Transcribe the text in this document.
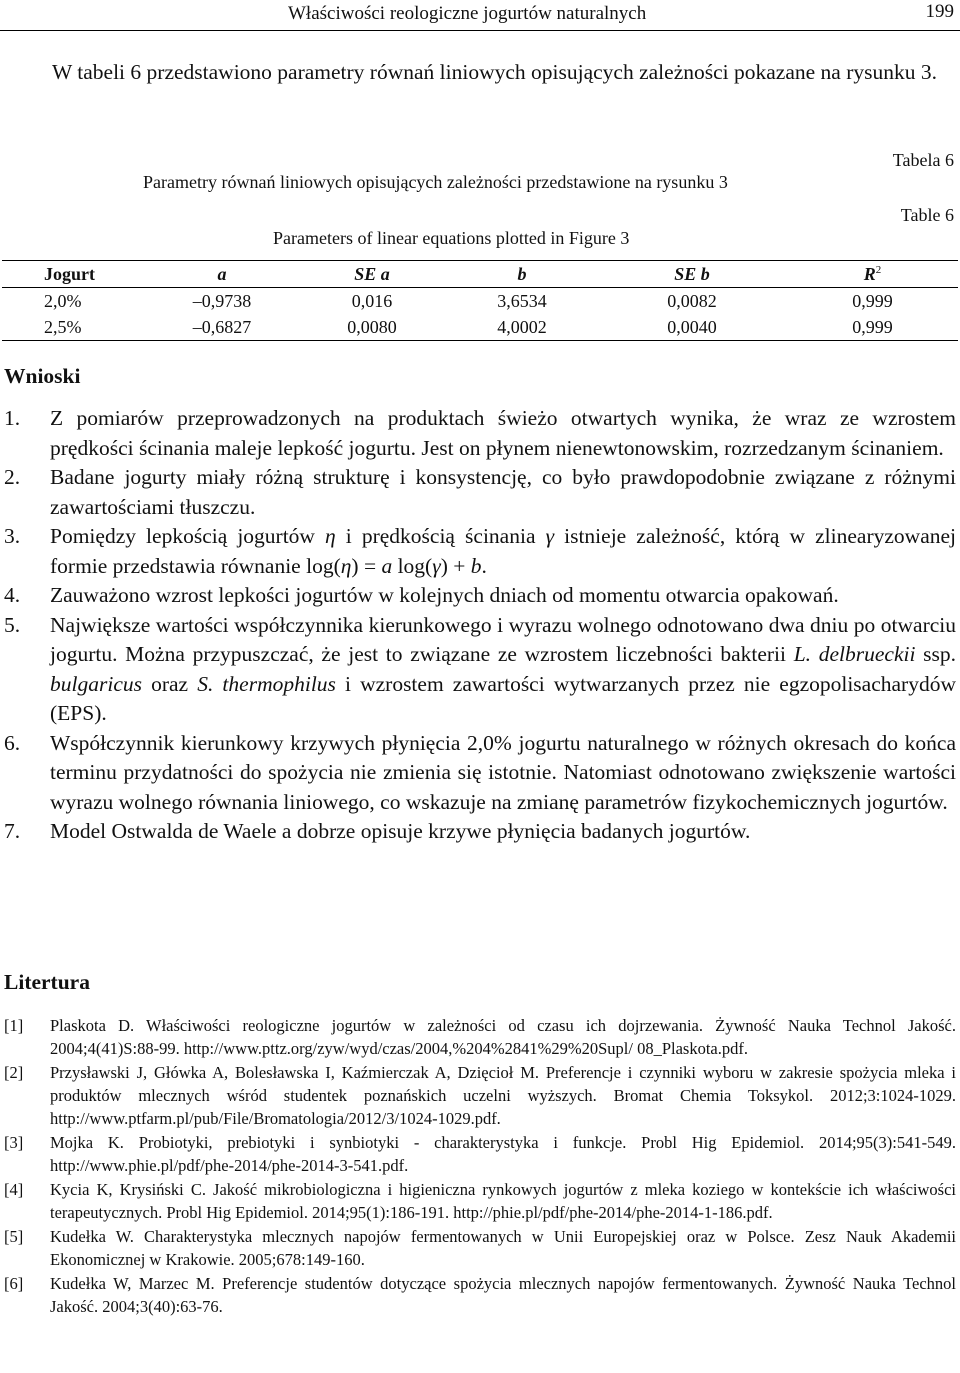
Właściwości reologiczne jogurtów naturalnych	199

W tabeli 6 przedstawiono parametry równań liniowych opisujących zależności pokazane na rysunku 3.

Tabela 6
Parametry równań liniowych opisujących zależności przedstawione na rysunku 3
Table 6
Parameters of linear equations plotted in Figure 3
Jogurt	a	SE a	b	SE b	$R^2$
2,0%	–0,9738	0,016	3,6534	0,0082	0,999
2,5%	–0,6827	0,0080	4,0002	0,0040	0,999
Wnioski
1. Z pomiarów przeprowadzonych na produktach świeżo otwartych wynika, że wraz ze wzrostem prędkości ścinania maleje lepkość jogurtu. Jest on płynem nienewtonowskim, rozrzedzanym ścinaniem.
2. Badane jogurty miały różną strukturę i konsystencję, co było prawdopodobnie związane z różnymi zawartościami tłuszczu.
3. Pomiędzy lepkością jogurtów η i prędkością ścinania γ istnieje zależność, którą w zlinearyzowanej formie przedstawia równanie log(η) = a log(γ) + b.
4. Zauważono wzrost lepkości jogurtów w kolejnych dniach od momentu otwarcia opakowań.
5. Największe wartości współczynnika kierunkowego i wyrazu wolnego odnotowano dwa dniu po otwarciu jogurtu. Można przypuszczać, że jest to związane ze wzrostem liczebności bakterii L. delbrueckii ssp. bulgaricus oraz S. thermophilus i wzrostem zawartości wytwarzanych przez nie egzopolisacharydów (EPS).
6. Współczynnik kierunkowy krzywych płynięcia 2,0% jogurtu naturalnego w różnych okresach do końca terminu przydatności do spożycia nie zmienia się istotnie. Natomiast odnotowano zwiększenie wartości wyrazu wolnego równania liniowego, co wskazuje na zmianę parametrów fizykochemicznych jogurtów.
7. Model Ostwalda de Waele a dobrze opisuje krzywe płynięcia badanych jogurtów.
Litertura
[1] Plaskota D. Właściwości reologiczne jogurtów w zależności od czasu ich dojrzewania. Żywność Nauka Technol Jakość. 2004;4(41)S:88-99. http://www.pttz.org/zyw/wyd/czas/2004,%204%2841%29%20Supl/ 08_Plaskota.pdf.
[2] Przysławski J, Główka A, Bolesławska I, Kaźmierczak A, Dzięcioł M. Preferencje i czynniki wyboru w zakresie spożycia mleka i produktów mlecznych wśród studentek poznańskich uczelni wyższych. Bromat Chemia Toksykol. 2012;3:1024-1029. http://www.ptfarm.pl/pub/File/Bromatologia/2012/3/1024-1029.pdf.
[3] Mojka K. Probiotyki, prebiotyki i synbiotyki - charakterystyka i funkcje. Probl Hig Epidemiol. 2014;95(3):541-549. http://www.phie.pl/pdf/phe-2014/phe-2014-3-541.pdf.
[4] Kycia K, Krysiński C. Jakość mikrobiologiczna i higieniczna rynkowych jogurtów z mleka koziego w kontekście ich właściwości terapeutycznych. Probl Hig Epidemiol. 2014;95(1):186-191. http://phie.pl/pdf/phe-2014/phe-2014-1-186.pdf.
[5] Kudełka W. Charakterystyka mlecznych napojów fermentowanych w Unii Europejskiej oraz w Polsce. Zesz Nauk Akademii Ekonomicznej w Krakowie. 2005;678:149-160.
[6] Kudełka W, Marzec M. Preferencje studentów dotyczące spożycia mlecznych napojów fermentowanych. Żywność Nauka Technol Jakość. 2004;3(40):63-76.
